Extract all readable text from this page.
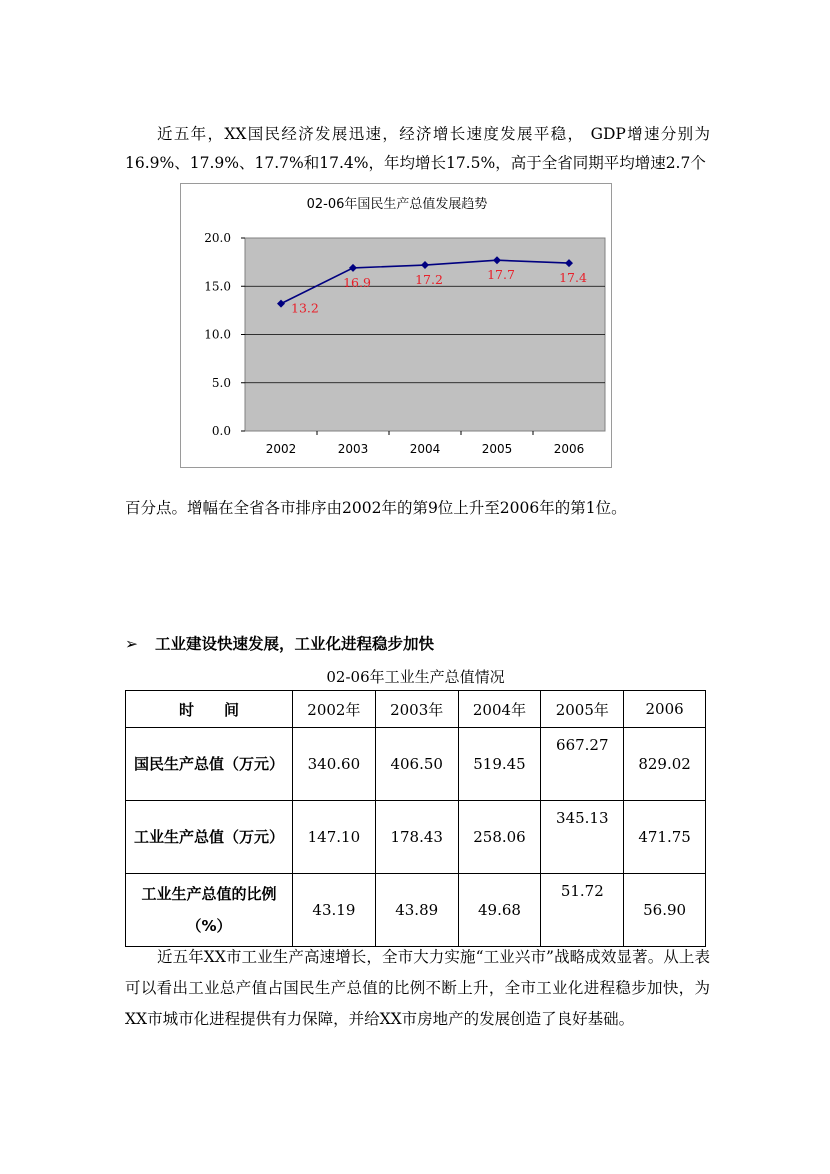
近五年，XX国民经济发展迅速，经济增长速度发展平稳， GDP增速分别为16.9%、17.9%、17.7%和17.4%，年均增长17.5%，高于全省同期平均增速2.7个

02-06年国民生产总值发展趋势
0.0
5.0
10.0
15.0
20.0
2002	2003	2004	2005	2006
13.2
16.9	17.2	17.7	17.4

百分点。增幅在全省各市排序由2002年的第9位上升至2006年的第1位。

➢ 工业建设快速发展，工业化进程稳步加快
02-06年工业生产总值情况
时　　间	2002年	2003年	2004年	2005年	2006
国民生产总值（万元）	340.60	406.50	519.45	667.27	829.02
工业生产总值（万元）	147.10	178.43	258.06	345.13	471.75
工业生产总值的比例（%）	43.19	43.89	49.68	51.72	56.90

近五年XX市工业生产高速增长，全市大力实施“工业兴市”战略成效显著。从上表可以看出工业总产值占国民生产总值的比例不断上升，全市工业化进程稳步加快，为XX市城市化进程提供有力保障，并给XX市房地产的发展创造了良好基础。
